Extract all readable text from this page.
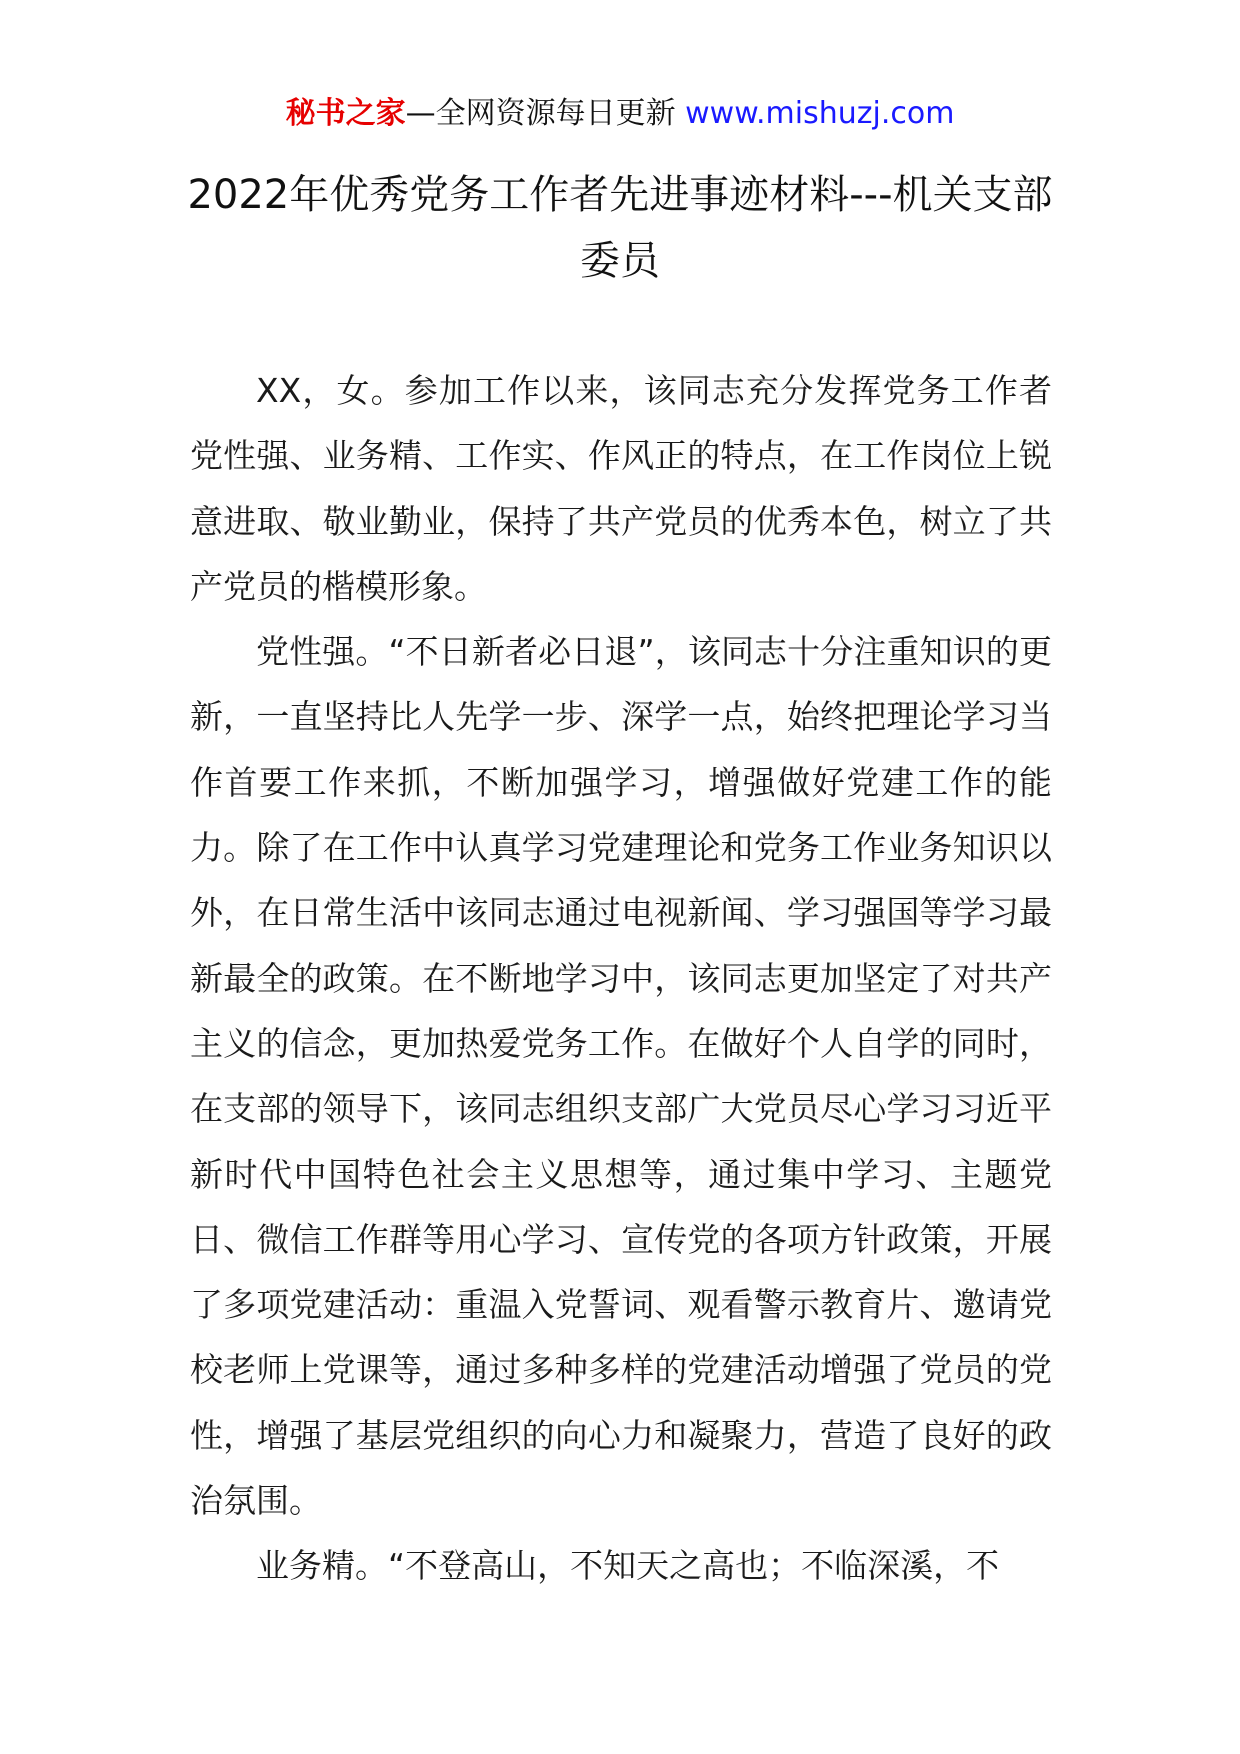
秘书之家—全网资源每日更新 www.mishuzj.com
2022年优秀党务工作者先进事迹材料---机关支部委员

XX，女。参加工作以来，该同志充分发挥党务工作者党性强、业务精、工作实、作风正的特点，在工作岗位上锐意进取、敬业勤业，保持了共产党员的优秀本色，树立了共产党员的楷模形象。

党性强。“不日新者必日退”，该同志十分注重知识的更新，一直坚持比人先学一步、深学一点，始终把理论学习当作首要工作来抓，不断加强学习，增强做好党建工作的能力。除了在工作中认真学习党建理论和党务工作业务知识以外，在日常生活中该同志通过电视新闻、学习强国等学习最新最全的政策。在不断地学习中，该同志更加坚定了对共产主义的信念，更加热爱党务工作。在做好个人自学的同时，在支部的领导下，该同志组织支部广大党员尽心学习习近平新时代中国特色社会主义思想等，通过集中学习、主题党日、微信工作群等用心学习、宣传党的各项方针政策，开展了多项党建活动：重温入党誓词、观看警示教育片、邀请党校老师上党课等，通过多种多样的党建活动增强了党员的党性，增强了基层党组织的向心力和凝聚力，营造了良好的政治氛围。

业务精。“不登高山，不知天之高也；不临深溪，不
